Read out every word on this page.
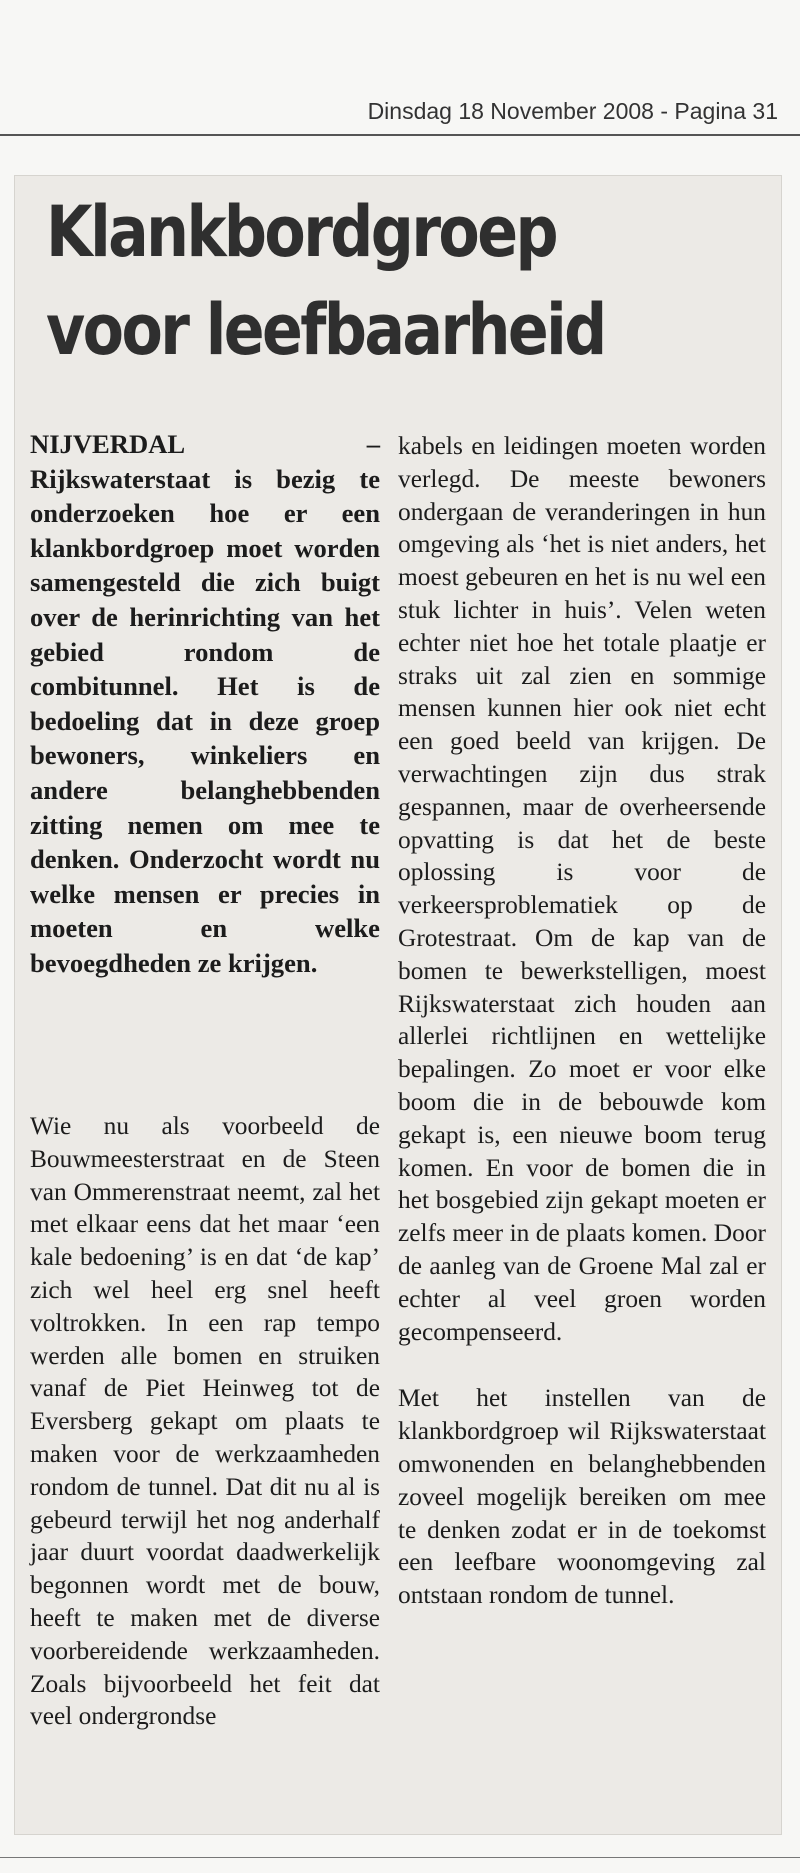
Dinsdag 18 November 2008 - Pagina 31
Klankbordgroep
voor leefbaarheid

NIJVERDAL – Rijkswaterstaat is bezig te onderzoeken hoe er een klankbordgroep moet worden samengesteld die zich buigt over de herinrichting van het gebied rondom de combitunnel. Het is de bedoeling dat in deze groep bewoners, winkeliers en andere belanghebbenden zitting nemen om mee te denken. Onderzocht wordt nu welke mensen er precies in moeten en welke bevoegdheden ze krijgen.

Wie nu als voorbeeld de Bouwmeesterstraat en de Steen van Ommerenstraat neemt, zal het met elkaar eens dat het maar ‘een kale bedoening’ is en dat ‘de kap’ zich wel heel erg snel heeft voltrokken. In een rap tempo werden alle bomen en struiken vanaf de Piet Heinweg tot de Eversberg gekapt om plaats te maken voor de werkzaamheden rondom de tunnel. Dat dit nu al is gebeurd terwijl het nog anderhalf jaar duurt voordat daadwerkelijk begonnen wordt met de bouw, heeft te maken met de diverse voorbereidende werkzaamheden. Zoals bijvoorbeeld het feit dat veel ondergrondse

kabels en leidingen moeten worden verlegd. De meeste bewoners ondergaan de veranderingen in hun omgeving als ‘het is niet anders, het moest gebeuren en het is nu wel een stuk lichter in huis’. Velen weten echter niet hoe het totale plaatje er straks uit zal zien en sommige mensen kunnen hier ook niet echt een goed beeld van krijgen. De verwachtingen zijn dus strak gespannen, maar de overheersende opvatting is dat het de beste oplossing is voor de verkeersproblematiek op de Grotestraat. Om de kap van de bomen te bewerkstelligen, moest Rijkswaterstaat zich houden aan allerlei richtlijnen en wettelijke bepalingen. Zo moet er voor elke boom die in de bebouwde kom gekapt is, een nieuwe boom terug komen. En voor de bomen die in het bosgebied zijn gekapt moeten er zelfs meer in de plaats komen. Door de aanleg van de Groene Mal zal er echter al veel groen worden gecompenseerd.

Met het instellen van de klankbordgroep wil Rijkswaterstaat omwonenden en belanghebbenden zoveel mogelijk bereiken om mee te denken zodat er in de toekomst een leefbare woonomgeving zal ontstaan rondom de tunnel.
